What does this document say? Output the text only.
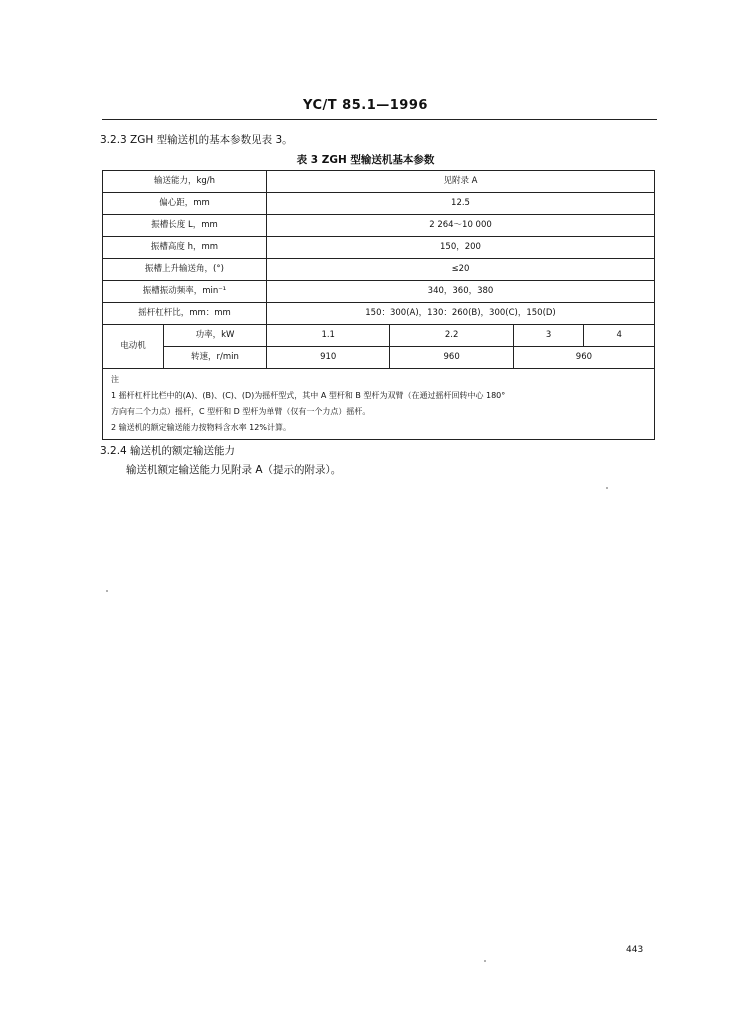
YC/T 85.1—1996
3.2.3 ZGH 型输送机的基本参数见表 3。
表 3 ZGH 型输送机基本参数
输送能力，kg/h		见附录 A			
偏心距，mm		12.5			
振槽长度 L，mm		2 264～10 000			
振槽高度 h，mm		150，200			
振槽上升输送角，(°)		≤20			
振槽振动频率，min⁻¹		340，360，380			
摇杆杠杆比，mm：mm		150：300(A)，130：260(B)，300(C)，150(D)			
电动机	功率，kW	1.1	2.2	3	4
	转速，r/min	910	960	960	

注
1 摇杆杠杆比栏中的(A)、(B)、(C)、(D)为摇杆型式，其中 A 型杆和 B 型杆为双臂（在通过摇杆回转中心 180°
方向有二个力点）摇杆，C 型杆和 D 型杆为单臂（仅有一个力点）摇杆。
2 输送机的额定输送能力按物料含水率 12%计算。					
3.2.4 输送机的额定输送能力
输送机额定输送能力见附录 A（提示的附录）。
443
